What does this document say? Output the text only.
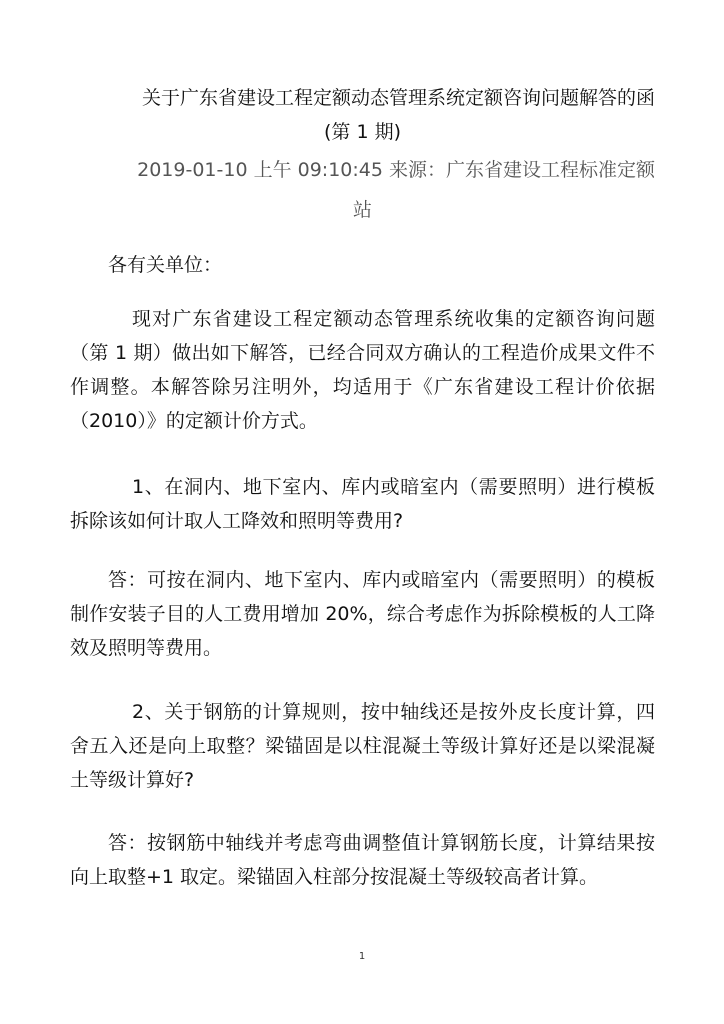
关于广东省建设工程定额动态管理系统定额咨询问题解答的函
(第 1 期)
2019-01-10 上午 09:10:45 来源：广东省建设工程标准定额
站

各有关单位：

现对广东省建设工程定额动态管理系统收集的定额咨询问题（第 1 期）做出如下解答，已经合同双方确认的工程造价成果文件不作调整。本解答除另注明外，均适用于《广东省建设工程计价依据（2010）》的定额计价方式。

1、在洞内、地下室内、库内或暗室内（需要照明）进行模板拆除该如何计取人工降效和照明等费用?

答：可按在洞内、地下室内、库内或暗室内（需要照明）的模板制作安装子目的人工费用增加 20%，综合考虑作为拆除模板的人工降效及照明等费用。

2、关于钢筋的计算规则，按中轴线还是按外皮长度计算，四舍五入还是向上取整？梁锚固是以柱混凝土等级计算好还是以梁混凝土等级计算好?

答：按钢筋中轴线并考虑弯曲调整值计算钢筋长度，计算结果按向上取整+1 取定。梁锚固入柱部分按混凝土等级较高者计算。

1
